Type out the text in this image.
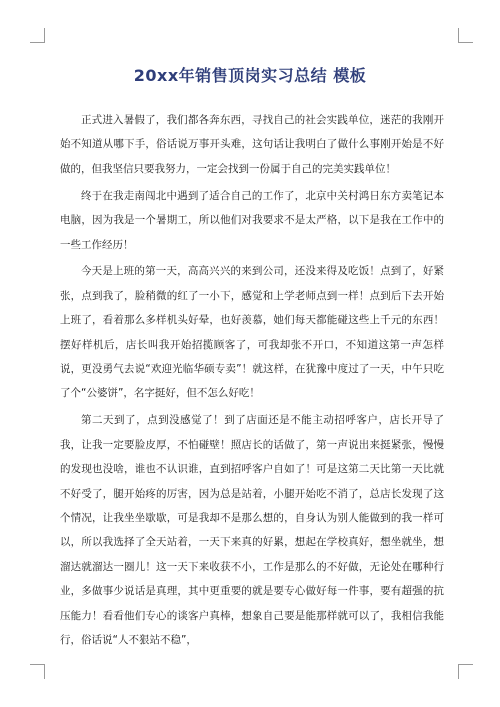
20xx年销售顶岗实习总结 模板

正式进入暑假了，我们都各奔东西，寻找自己的社会实践单位，迷茫的我刚开始不知道从哪下手，俗话说万事开头难，这句话让我明白了做什么事刚开始是不好做的，但我坚信只要我努力，一定会找到一份属于自己的完美实践单位！

终于在我走南闯北中遇到了适合自己的工作了，北京中关村鸿日东方卖笔记本电脑，因为我是一个暑期工，所以他们对我要求不是太严格，以下是我在工作中的一些工作经历！

今天是上班的第一天，高高兴兴的来到公司，还没来得及吃饭！点到了，好紧张，点到我了，脸稍微的红了一小下，感觉和上学老师点到一样！点到后下去开始上班了，看着那么多样机头好晕，也好羡慕，她们每天都能碰这些上千元的东西！摆好样机后，店长叫我开始招揽顾客了，可我却张不开口，不知道这第一声怎样说，更没勇气去说“欢迎光临华硕专卖”！就这样，在犹豫中度过了一天，中午只吃了个“公婆饼”，名字挺好，但不怎么好吃！

第二天到了，点到没感觉了！到了店面还是不能主动招呼客户，店长开导了我，让我一定要脸皮厚，不怕碰壁！照店长的话做了，第一声说出来挺紧张，慢慢的发现也没啥，谁也不认识谁，直到招呼客户自如了！可是这第二天比第一天比就不好受了，腿开始疼的厉害，因为总是站着，小腿开始吃不消了，总店长发现了这个情况，让我坐坐歇歇，可是我却不是那么想的，自身认为别人能做到的我一样可以，所以我选择了全天站着，一天下来真的好累，想起在学校真好，想坐就坐，想溜达就溜达一圈儿！这一天下来收获不小，工作是那么的不好做，无论处在哪种行业，多做事少说话是真理，其中更重要的就是要专心做好每一件事，要有超强的抗压能力！看看他们专心的谈客户真棒，想象自己要是能那样就可以了，我相信我能行，俗话说“人不狠站不稳”，
